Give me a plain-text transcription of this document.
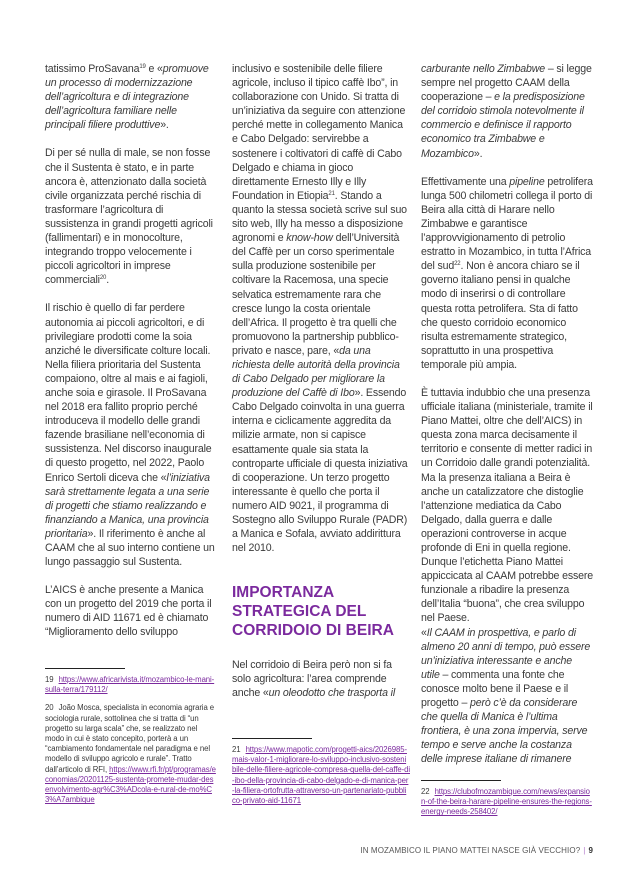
tatissimo ProSavana$^{19}$ e «promuove un processo di modernizzazione dell’agricoltura e di integrazione dell’agricoltura familiare nelle principali filiere produttive».

Di per sé nulla di male, se non fosse che il Sustenta è stato, e in parte ancora è, attenzionato dalla società civile organizzata perché rischia di trasformare l’agricoltura di sussistenza in grandi progetti agricoli (fallimentari) e in monocolture, integrando troppo velocemente i piccoli agricoltori in imprese commerciali$^{20}$.

Il rischio è quello di far perdere autonomia ai piccoli agricoltori, e di privilegiare prodotti come la soia anziché le diversificate colture locali. Nella filiera prioritaria del Sustenta compaiono, oltre al mais e ai fagioli, anche soia e girasole. Il ProSavana nel 2018 era fallito proprio perché introduceva il modello delle grandi fazende brasiliane nell’economia di sussistenza. Nel discorso inaugurale di questo progetto, nel 2022, Paolo Enrico Sertoli diceva che «l’iniziativa sarà strettamente legata a una serie di progetti che stiamo realizzando e finanziando a Manica, una provincia prioritaria». Il riferimento è anche al CAAM che al suo interno contiene un lungo passaggio sul Sustenta.

L’AICS è anche presente a Manica con un progetto del 2019 che porta il numero di AID 11671 ed è chiamato “Miglioramento dello sviluppo

19 https://www.africarivista.it/mozambico-le-mani-sulla-terra/179112/
20 João Mosca, specialista in economia agraria e sociologia rurale, sottolinea che si tratta di “un progetto su larga scala” che, se realizzato nel modo in cui è stato concepito, porterà a un “cambiamento fondamentale nel paradigma e nel modello di sviluppo agricolo e rurale”. Tratto dall’articolo di RFI, https://www.rfi.fr/pt/programas/economias/20201125-sustenta-promete-mudar-desenvolvimento-agr%C3%ADcola-e-rural-de-mo%C3%A7ambique

inclusivo e sostenibile delle filiere agricole, incluso il tipico caffè Ibo”, in collaborazione con Unido. Si tratta di un’iniziativa da seguire con attenzione perché mette in collegamento Manica e Cabo Delgado: servirebbe a sostenere i coltivatori di caffè di Cabo Delgado e chiama in gioco direttamente Ernesto Illy e Illy Foundation in Etiopia$^{21}$. Stando a quanto la stessa società scrive sul suo sito web, Illy ha messo a disposizione agronomi e know-how dell’Università del Caffè per un corso sperimentale sulla produzione sostenibile per coltivare la Racemosa, una specie selvatica estremamente rara che cresce lungo la costa orientale dell’Africa. Il progetto è tra quelli che promuovono la partnership pubblico-privato e nasce, pare, «da una richiesta delle autorità della provincia di Cabo Delgado per migliorare la produzione del Caffè di Ibo». Essendo Cabo Delgado coinvolta in una guerra interna e ciclicamente aggredita da milizie armate, non si capisce esattamente quale sia stata la controparte ufficiale di questa iniziativa di cooperazione. Un terzo progetto interessante è quello che porta il numero AID 9021, il programma di Sostegno allo Sviluppo Rurale (PADR) a Manica e Sofala, avviato addirittura nel 2010.

IMPORTANZA STRATEGICA DEL CORRIDOIO DI BEIRA

Nel corridoio di Beira però non si fa solo agricoltura: l’area comprende anche «un oleodotto che trasporta il

21 https://www.mapotic.com/progetti-aics/2026985-mais-valor-1-migliorare-lo-sviluppo-inclusivo-sostenibile-delle-filiere-agricole-compresa-quella-del-caffe-di-ibo-della-provincia-di-cabo-delgado-e-di-manica-per-la-filiera-ortofrutta-attraverso-un-partenariato-pubblico-privato-aid-11671

carburante nello Zimbabwe – si legge sempre nel progetto CAAM della cooperazione – e la predisposizione del corridoio stimola notevolmente il commercio e definisce il rapporto economico tra Zimbabwe e Mozambico».

Effettivamente una pipeline petrolifera lunga 500 chilometri collega il porto di Beira alla città di Harare nello Zimbabwe e garantisce l’approvvigionamento di petrolio estratto in Mozambico, in tutta l’Africa del sud$^{22}$. Non è ancora chiaro se il governo italiano pensi in qualche modo di inserirsi o di controllare questa rotta petrolifera. Sta di fatto che questo corridoio economico risulta estremamente strategico, soprattutto in una prospettiva temporale più ampia.

È tuttavia indubbio che una presenza ufficiale italiana (ministeriale, tramite il Piano Mattei, oltre che dell’AICS) in questa zona marca decisamente il territorio e consente di metter radici in un Corridoio dalle grandi potenzialità. Ma la presenza italiana a Beira è anche un catalizzatore che distoglie l’attenzione mediatica da Cabo Delgado, dalla guerra e dalle operazioni controverse in acque profonde di Eni in quella regione. Dunque l’etichetta Piano Mattei appiccicata al CAAM potrebbe essere funzionale a ribadire la presenza dell’Italia “buona”, che crea sviluppo nel Paese.

«Il CAAM in prospettiva, e parlo di almeno 20 anni di tempo, può essere un’iniziativa interessante e anche utile – commenta una fonte che conosce molto bene il Paese e il progetto – però c’è da considerare che quella di Manica è l’ultima frontiera, è una zona impervia, serve tempo e serve anche la costanza delle imprese italiane di rimanere

22 https://clubofmozambique.com/news/expansion-of-the-beira-harare-pipeline-ensures-the-regions-energy-needs-258402/
IN MOZAMBICO IL PIANO MATTEI NASCE GIÀ VECCHIO? | 9
